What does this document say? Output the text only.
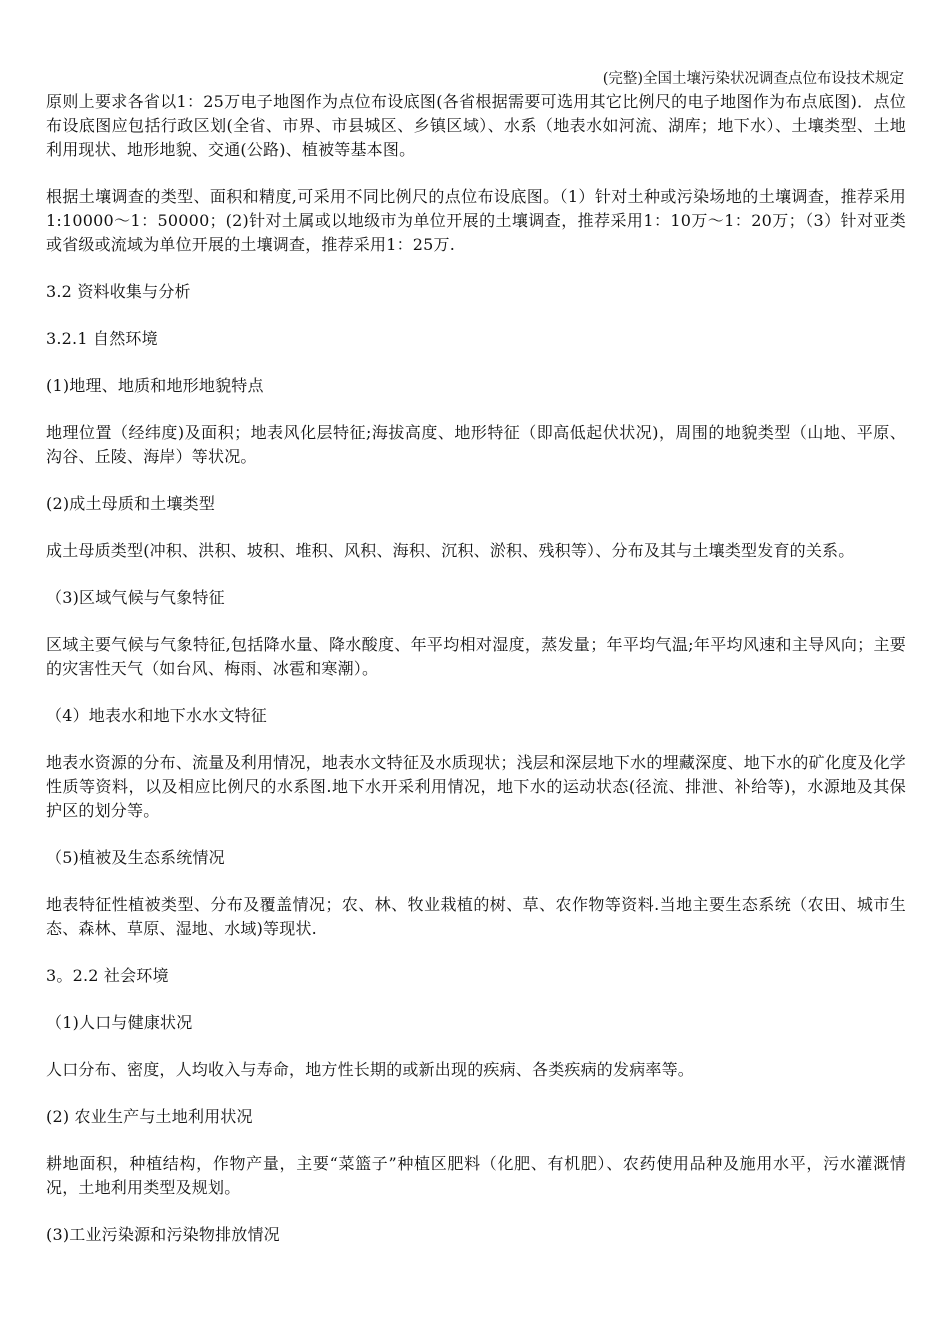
(完整)全国土壤污染状况调查点位布设技术规定

原则上要求各省以1：25万电子地图作为点位布设底图(各省根据需要可选用其它比例尺的电子地图作为布点底图)．点位布设底图应包括行政区划(全省、市界、市县城区、乡镇区域）、水系（地表水如河流、湖库；地下水）、土壤类型、土地利用现状、地形地貌、交通(公路)、植被等基本图。

根据土壤调查的类型、面积和精度,可采用不同比例尺的点位布设底图。（1）针对土种或污染场地的土壤调查，推荐采用1:10000～1：50000；(2)针对土属或以地级市为单位开展的土壤调查，推荐采用1：10万～1：20万；（3）针对亚类或省级或流域为单位开展的土壤调查，推荐采用1：25万.

3.2 资料收集与分析

3.2.1 自然环境

(1)地理、地质和地形地貌特点

地理位置（经纬度)及面积；地表风化层特征;海拔高度、地形特征（即高低起伏状况)，周围的地貌类型（山地、平原、沟谷、丘陵、海岸）等状况。

(2)成土母质和土壤类型

成土母质类型(冲积、洪积、坡积、堆积、风积、海积、沉积、淤积、残积等）、分布及其与土壤类型发育的关系。

（3)区域气候与气象特征

区域主要气候与气象特征,包括降水量、降水酸度、年平均相对湿度，蒸发量；年平均气温;年平均风速和主导风向；主要的灾害性天气（如台风、梅雨、冰雹和寒潮）。

（4）地表水和地下水水文特征

地表水资源的分布、流量及利用情况，地表水文特征及水质现状；浅层和深层地下水的埋藏深度、地下水的矿化度及化学性质等资料，以及相应比例尺的水系图.地下水开采利用情况，地下水的运动状态(径流、排泄、补给等)，水源地及其保护区的划分等。

（5)植被及生态系统情况

地表特征性植被类型、分布及覆盖情况；农、林、牧业栽植的树、草、农作物等资料.当地主要生态系统（农田、城市生态、森林、草原、湿地、水域)等现状.

3。2.2 社会环境

（1)人口与健康状况

人口分布、密度，人均收入与寿命，地方性长期的或新出现的疾病、各类疾病的发病率等。

(2) 农业生产与土地利用状况

耕地面积，种植结构，作物产量，主要“菜篮子”种植区肥料（化肥、有机肥）、农药使用品种及施用水平，污水灌溉情况，土地利用类型及规划。

(3)工业污染源和污染物排放情况
